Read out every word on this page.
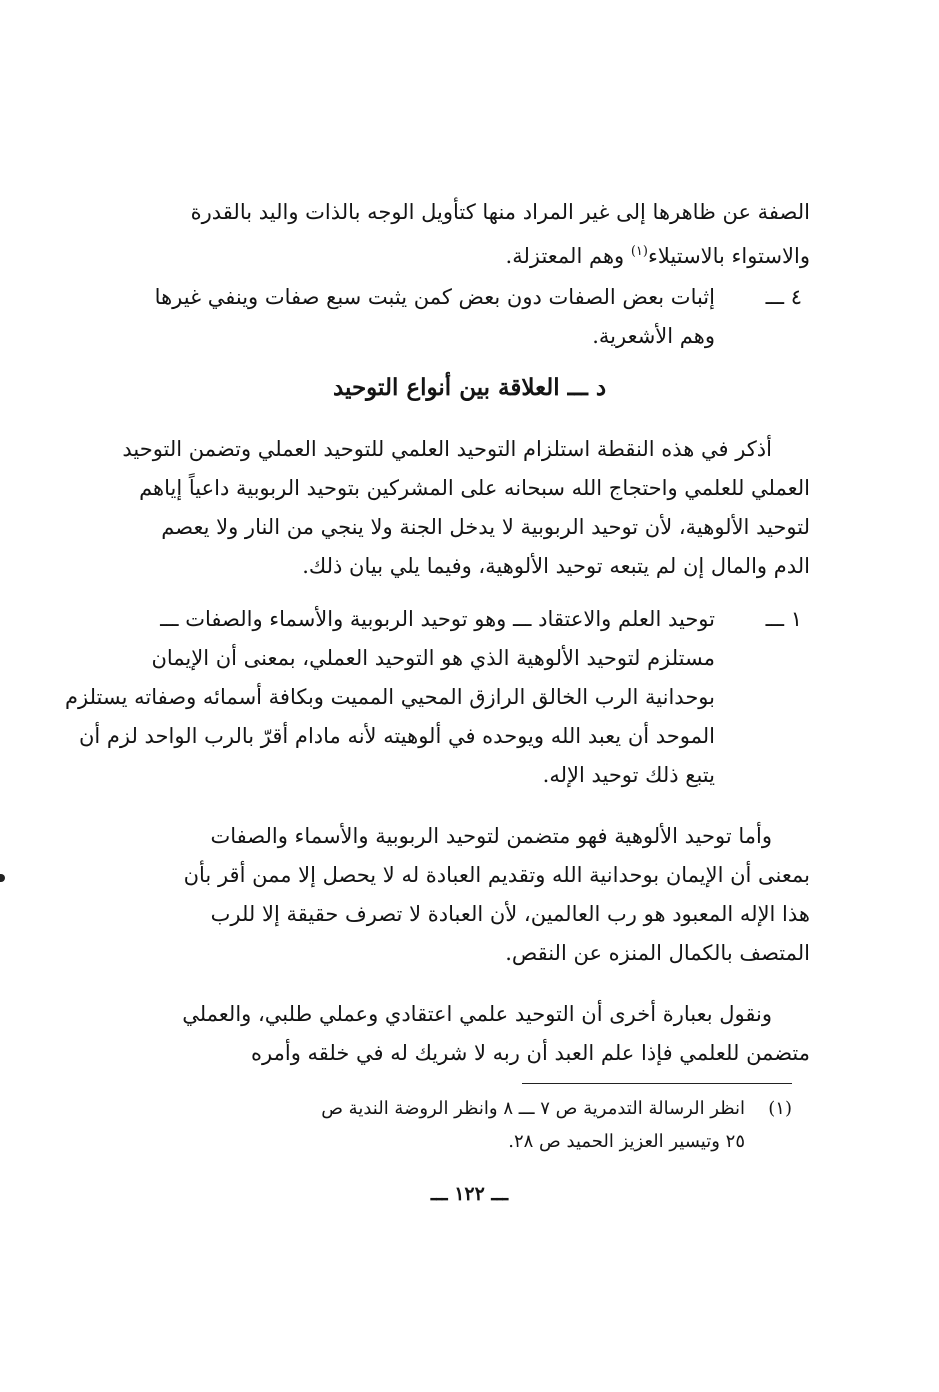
الصفة عن ظاهرها إلى غير المراد منها كتأويل الوجه بالذات واليد بالقدرة
والاستواء بالاستيلاء$^{(١)}$ وهم المعتزلة.
٤ ـــ
إثبات بعض الصفات دون بعض كمن يثبت سبع صفات وينفي غيرها
وهم الأشعرية.
د ـــ العلاقة بين أنواع التوحيد
أذكر في هذه النقطة استلزام التوحيد العلمي للتوحيد العملي وتضمن التوحيد
العملي للعلمي واحتجاج الله سبحانه على المشركين بتوحيد الربوبية داعياً إياهم
لتوحيد الألوهية، لأن توحيد الربوبية لا يدخل الجنة ولا ينجي من النار ولا يعصم
الدم والمال إن لم يتبعه توحيد الألوهية، وفيما يلي بيان ذلك.
١ ـــ
توحيد العلم والاعتقاد ـــ وهو توحيد الربوبية والأسماء والصفات ـــ
مستلزم لتوحيد الألوهية الذي هو التوحيد العملي، بمعنى أن الإيمان
بوحدانية الرب الخالق الرازق المحيي المميت وبكافة أسمائه وصفاته يستلزم
الموحد أن يعبد الله ويوحده في ألوهيته لأنه مادام أقرّ بالرب الواحد لزم أن
يتبع ذلك توحيد الإله.
وأما توحيد الألوهية فهو متضمن لتوحيد الربوبية والأسماء والصفات
بمعنى أن الإيمان بوحدانية الله وتقديم العبادة له لا يحصل إلا ممن أقر بأن
هذا الإله المعبود هو رب العالمين، لأن العبادة لا تصرف حقيقة إلا للرب
المتصف بالكمال المنزه عن النقص.
ونقول بعبارة أخرى أن التوحيد علمي اعتقادي وعملي طلبي، والعملي
متضمن للعلمي فإذا علم العبد أن ربه لا شريك له في خلقه وأمره
(١)
انظر الرسالة التدمرية ص ٧ ـــ ٨ وانظر الروضة الندية ص
٢٥ وتيسير العزيز الحميد ص ٢٨.
ـــ ١٢٢ ـــ
